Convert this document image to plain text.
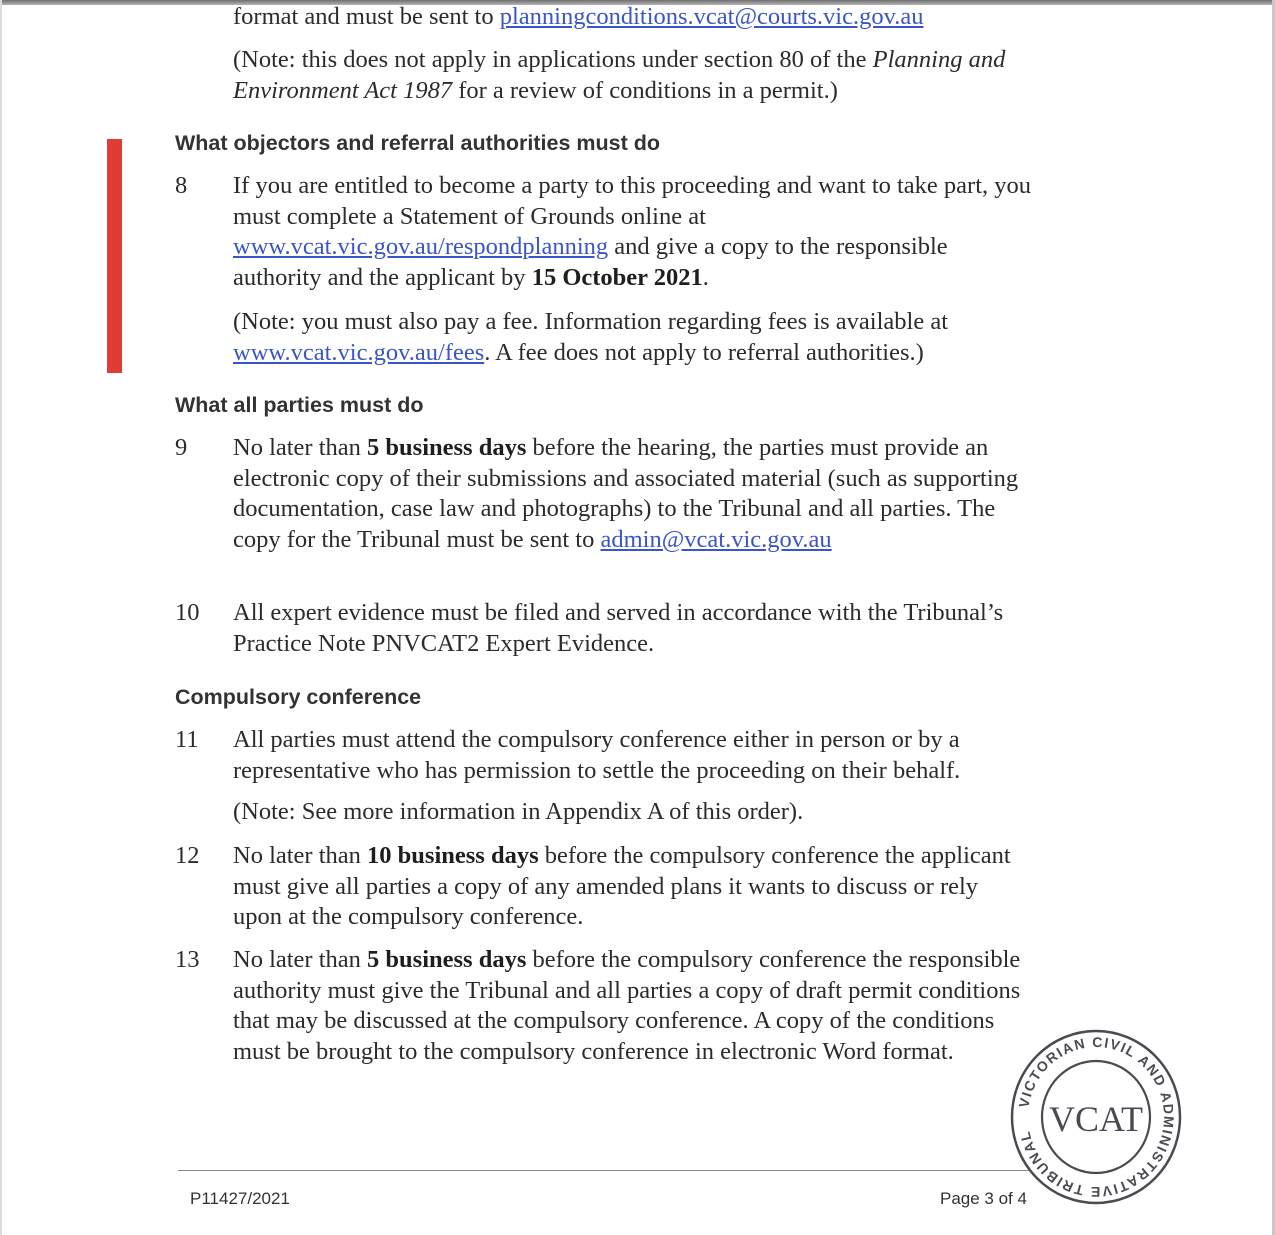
format and must be sent to planningconditions.vcat@courts.vic.gov.au

(Note: this does not apply in applications under section 80 of the Planning and Environment Act 1987 for a review of conditions in a permit.)

What objectors and referral authorities must do

8 If you are entitled to become a party to this proceeding and want to take part, you must complete a Statement of Grounds online at www.vcat.vic.gov.au/respondplanning and give a copy to the responsible authority and the applicant by 15 October 2021.

(Note: you must also pay a fee. Information regarding fees is available at www.vcat.vic.gov.au/fees. A fee does not apply to referral authorities.)

What all parties must do

9 No later than 5 business days before the hearing, the parties must provide an electronic copy of their submissions and associated material (such as supporting documentation, case law and photographs) to the Tribunal and all parties. The copy for the Tribunal must be sent to admin@vcat.vic.gov.au

10 All expert evidence must be filed and served in accordance with the Tribunal’s Practice Note PNVCAT2 Expert Evidence.

Compulsory conference

11 All parties must attend the compulsory conference either in person or by a representative who has permission to settle the proceeding on their behalf.

(Note: See more information in Appendix A of this order).

12 No later than 10 business days before the compulsory conference the applicant must give all parties a copy of any amended plans it wants to discuss or rely upon at the compulsory conference.

13 No later than 5 business days before the compulsory conference the responsible authority must give the Tribunal and all parties a copy of draft permit conditions that may be discussed at the compulsory conference. A copy of the conditions must be brought to the compulsory conference in electronic Word format.

P11427/2021	Page 3 of 4

VICTORIAN CIVIL AND ADMINISTRATIVE TRIBUNAL VCAT
